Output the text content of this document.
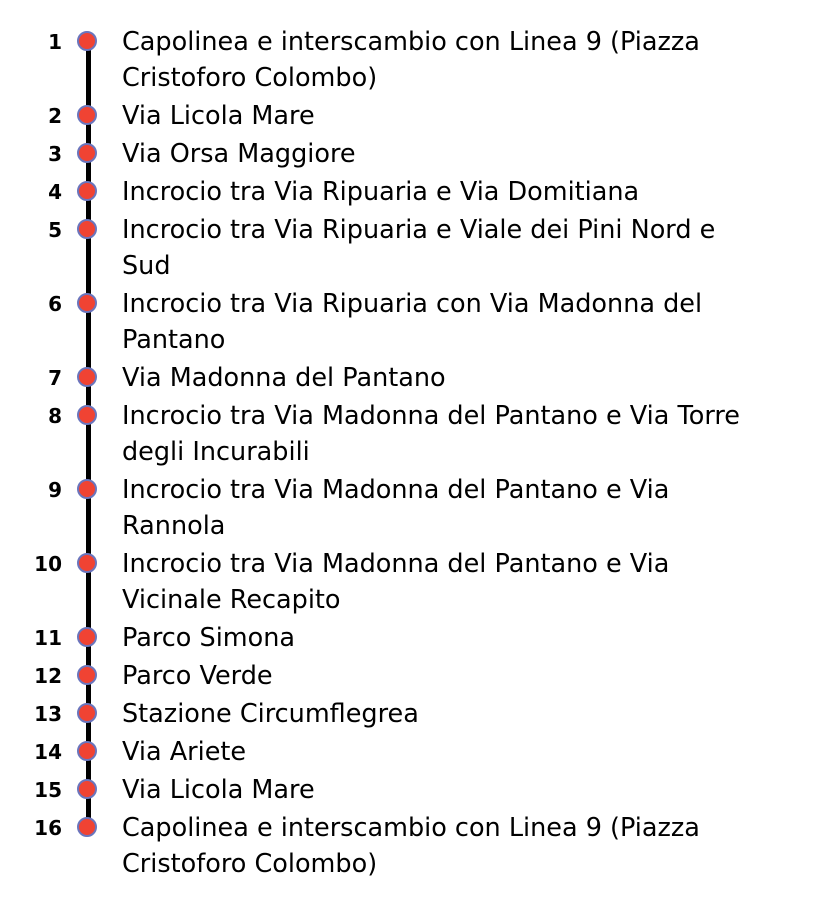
1 Capolinea e interscambio con Linea 9 (Piazza Cristoforo Colombo)
2 Via Licola Mare
3 Via Orsa Maggiore
4 Incrocio tra Via Ripuaria e Via Domitiana
5 Incrocio tra Via Ripuaria e Viale dei Pini Nord e Sud
6 Incrocio tra Via Ripuaria con Via Madonna del Pantano
7 Via Madonna del Pantano
8 Incrocio tra Via Madonna del Pantano e Via Torre degli Incurabili
9 Incrocio tra Via Madonna del Pantano e Via Rannola
10 Incrocio tra Via Madonna del Pantano e Via Vicinale Recapito
11 Parco Simona
12 Parco Verde
13 Stazione Circumflegrea
14 Via Ariete
15 Via Licola Mare
16 Capolinea e interscambio con Linea 9 (Piazza Cristoforo Colombo)
